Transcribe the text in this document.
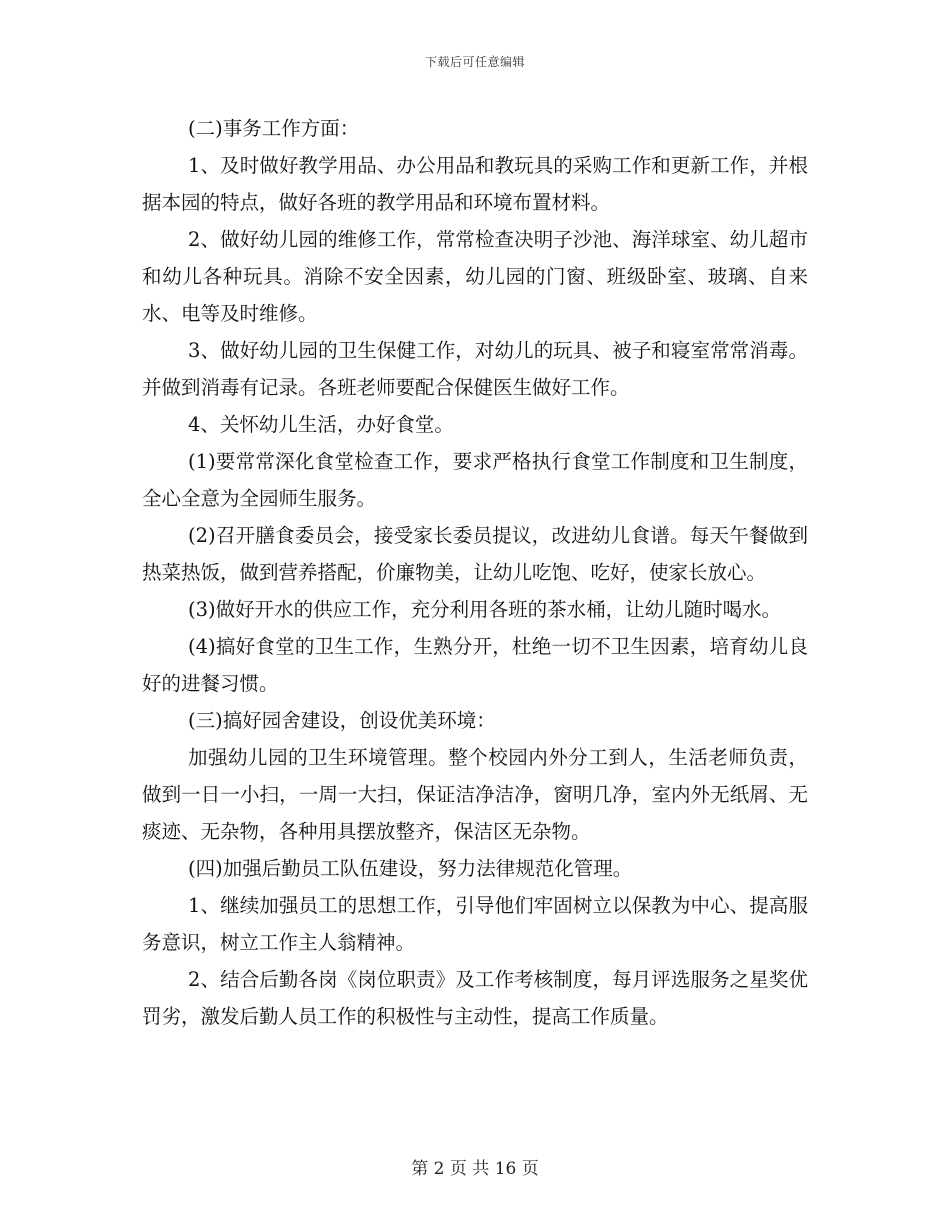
下载后可任意编辑

(二)事务工作方面：

1、及时做好教学用品、办公用品和教玩具的采购工作和更新工作，并根据本园的特点，做好各班的教学用品和环境布置材料。

2、做好幼儿园的维修工作，常常检查决明子沙池、海洋球室、幼儿超市和幼儿各种玩具。消除不安全因素，幼儿园的门窗、班级卧室、玻璃、自来水、电等及时维修。

3、做好幼儿园的卫生保健工作，对幼儿的玩具、被子和寝室常常消毒。并做到消毒有记录。各班老师要配合保健医生做好工作。

4、关怀幼儿生活，办好食堂。

(1)要常常深化食堂检查工作，要求严格执行食堂工作制度和卫生制度，全心全意为全园师生服务。

(2)召开膳食委员会，接受家长委员提议，改进幼儿食谱。每天午餐做到热菜热饭，做到营养搭配，价廉物美，让幼儿吃饱、吃好，使家长放心。

(3)做好开水的供应工作，充分利用各班的茶水桶，让幼儿随时喝水。

(4)搞好食堂的卫生工作，生熟分开，杜绝一切不卫生因素，培育幼儿良好的进餐习惯。

(三)搞好园舍建设，创设优美环境：

加强幼儿园的卫生环境管理。整个校园内外分工到人，生活老师负责，做到一日一小扫，一周一大扫，保证洁净洁净，窗明几净，室内外无纸屑、无痰迹、无杂物，各种用具摆放整齐，保洁区无杂物。

(四)加强后勤员工队伍建设，努力法律规范化管理。

1、继续加强员工的思想工作，引导他们牢固树立以保教为中心、提高服务意识，树立工作主人翁精神。

2、结合后勤各岗《岗位职责》及工作考核制度，每月评选服务之星奖优罚劣，激发后勤人员工作的积极性与主动性，提高工作质量。

第 2 页 共 16 页
